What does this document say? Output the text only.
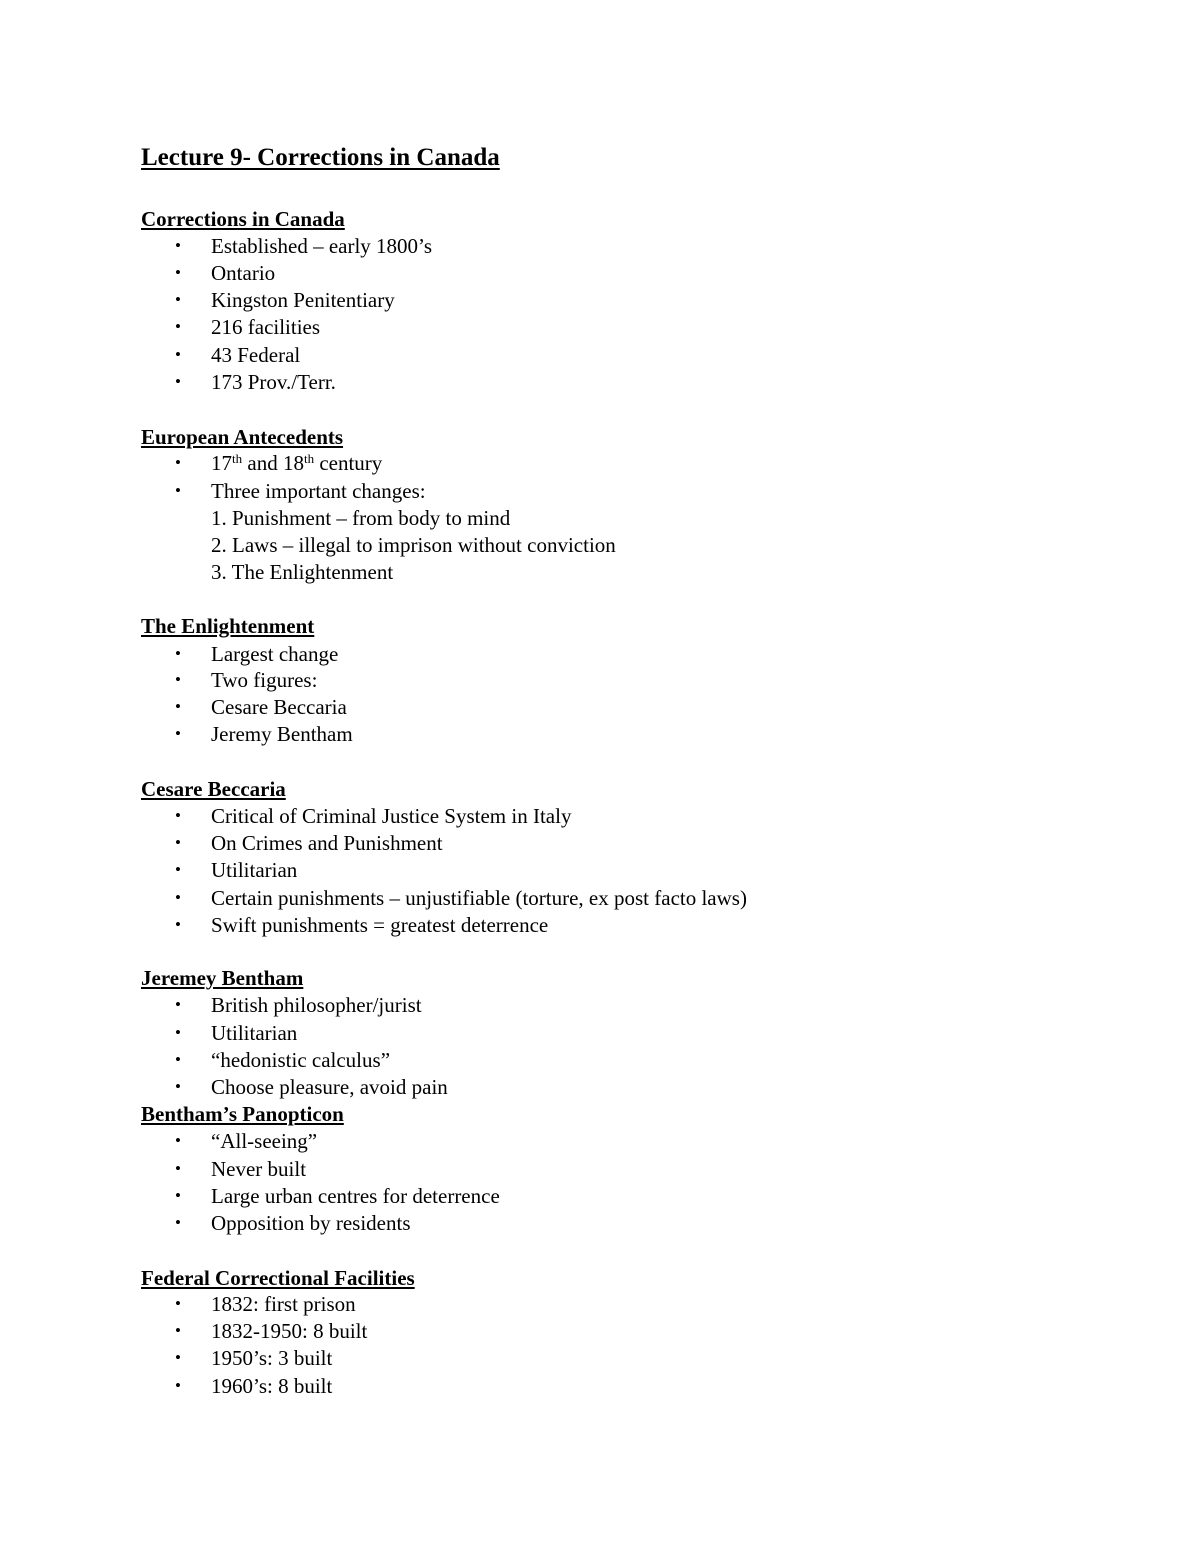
Lecture 9- Corrections in Canada
Corrections in Canada
• Established – early 1800’s
• Ontario
• Kingston Penitentiary
• 216 facilities
• 43 Federal
• 173 Prov./Terr.
European Antecedents
• 17th and 18th century
• Three important changes:
1. Punishment – from body to mind
2. Laws – illegal to imprison without conviction
3. The Enlightenment
The Enlightenment
• Largest change
• Two figures:
• Cesare Beccaria
• Jeremy Bentham
Cesare Beccaria
• Critical of Criminal Justice System in Italy
• On Crimes and Punishment
• Utilitarian
• Certain punishments – unjustifiable (torture, ex post facto laws)
• Swift punishments = greatest deterrence
Jeremey Bentham
• British philosopher/jurist
• Utilitarian
• “hedonistic calculus”
• Choose pleasure, avoid pain
Bentham’s Panopticon
• “All-seeing”
• Never built
• Large urban centres for deterrence
• Opposition by residents
Federal Correctional Facilities
• 1832: first prison
• 1832-1950: 8 built
• 1950’s: 3 built
• 1960’s: 8 built
